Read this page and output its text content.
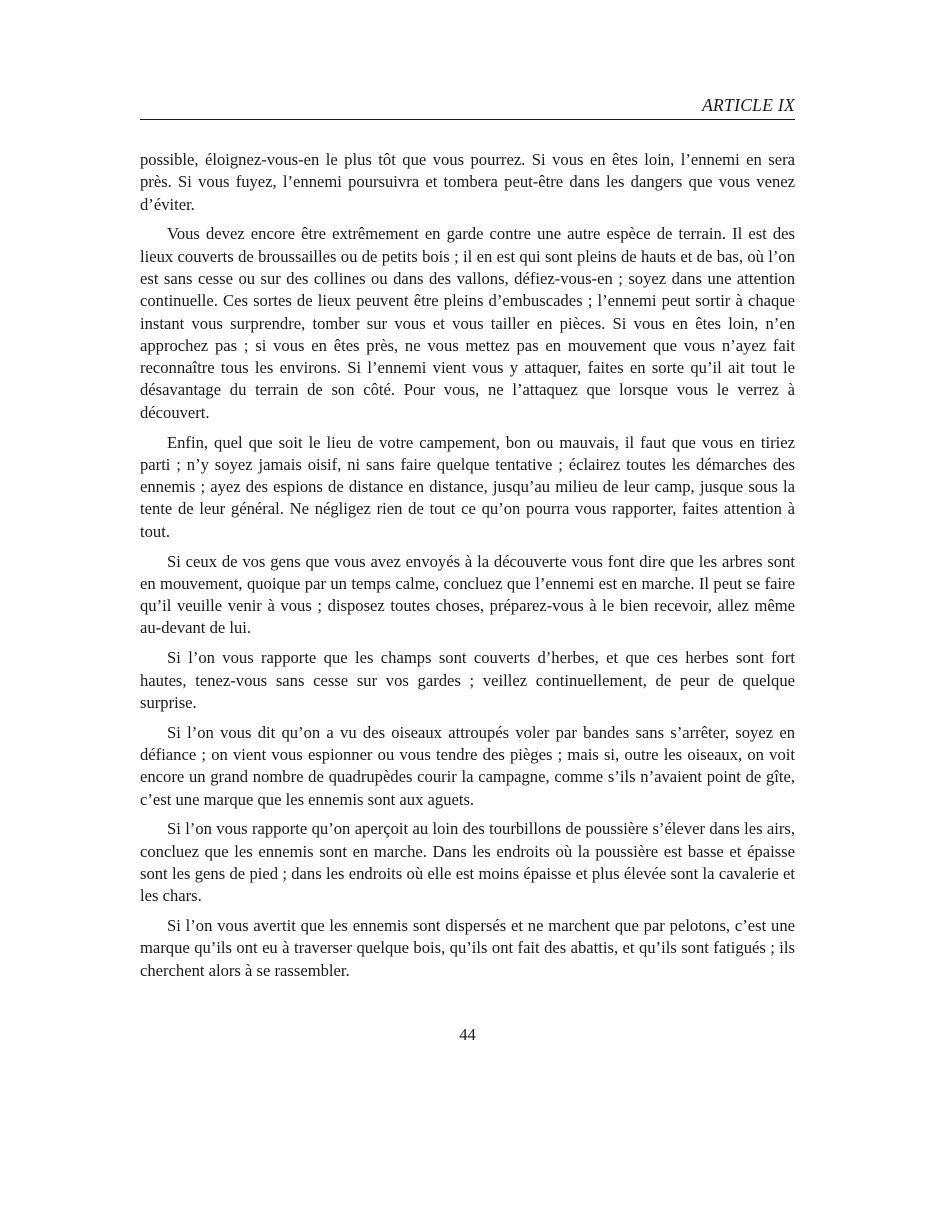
ARTICLE IX

possible, éloignez-vous-en le plus tôt que vous pourrez. Si vous en êtes loin, l’ennemi en sera près. Si vous fuyez, l’ennemi poursuivra et tombera peut-être dans les dangers que vous venez d’éviter.

Vous devez encore être extrêmement en garde contre une autre espèce de terrain. Il est des lieux couverts de broussailles ou de petits bois ; il en est qui sont pleins de hauts et de bas, où l’on est sans cesse ou sur des collines ou dans des vallons, défiez-vous-en ; soyez dans une attention continuelle. Ces sortes de lieux peuvent être pleins d’embuscades ; l’ennemi peut sortir à chaque instant vous surprendre, tomber sur vous et vous tailler en pièces. Si vous en êtes loin, n’en approchez pas ; si vous en êtes près, ne vous mettez pas en mouvement que vous n’ayez fait reconnaître tous les environs. Si l’ennemi vient vous y attaquer, faites en sorte qu’il ait tout le désavantage du terrain de son côté. Pour vous, ne l’attaquez que lorsque vous le verrez à découvert.

Enfin, quel que soit le lieu de votre campement, bon ou mauvais, il faut que vous en tiriez parti ; n’y soyez jamais oisif, ni sans faire quelque tentative ; éclairez toutes les démarches des ennemis ; ayez des espions de distance en distance, jusqu’au milieu de leur camp, jusque sous la tente de leur général. Ne négligez rien de tout ce qu’on pourra vous rapporter, faites attention à tout.

Si ceux de vos gens que vous avez envoyés à la découverte vous font dire que les arbres sont en mouvement, quoique par un temps calme, concluez que l’ennemi est en marche. Il peut se faire qu’il veuille venir à vous ; disposez toutes choses, préparez-vous à le bien recevoir, allez même au-devant de lui.

Si l’on vous rapporte que les champs sont couverts d’herbes, et que ces herbes sont fort hautes, tenez-vous sans cesse sur vos gardes ; veillez continuellement, de peur de quelque surprise.

Si l’on vous dit qu’on a vu des oiseaux attroupés voler par bandes sans s’arrêter, soyez en défiance ; on vient vous espionner ou vous tendre des pièges ; mais si, outre les oiseaux, on voit encore un grand nombre de quadrupèdes courir la campagne, comme s’ils n’avaient point de gîte, c’est une marque que les ennemis sont aux aguets.

Si l’on vous rapporte qu’on aperçoit au loin des tourbillons de poussière s’élever dans les airs, concluez que les ennemis sont en marche. Dans les endroits où la poussière est basse et épaisse sont les gens de pied ; dans les endroits où elle est moins épaisse et plus élevée sont la cavalerie et les chars.

Si l’on vous avertit que les ennemis sont dispersés et ne marchent que par pelotons, c’est une marque qu’ils ont eu à traverser quelque bois, qu’ils ont fait des abattis, et qu’ils sont fatigués ; ils cherchent alors à se rassembler.

44
